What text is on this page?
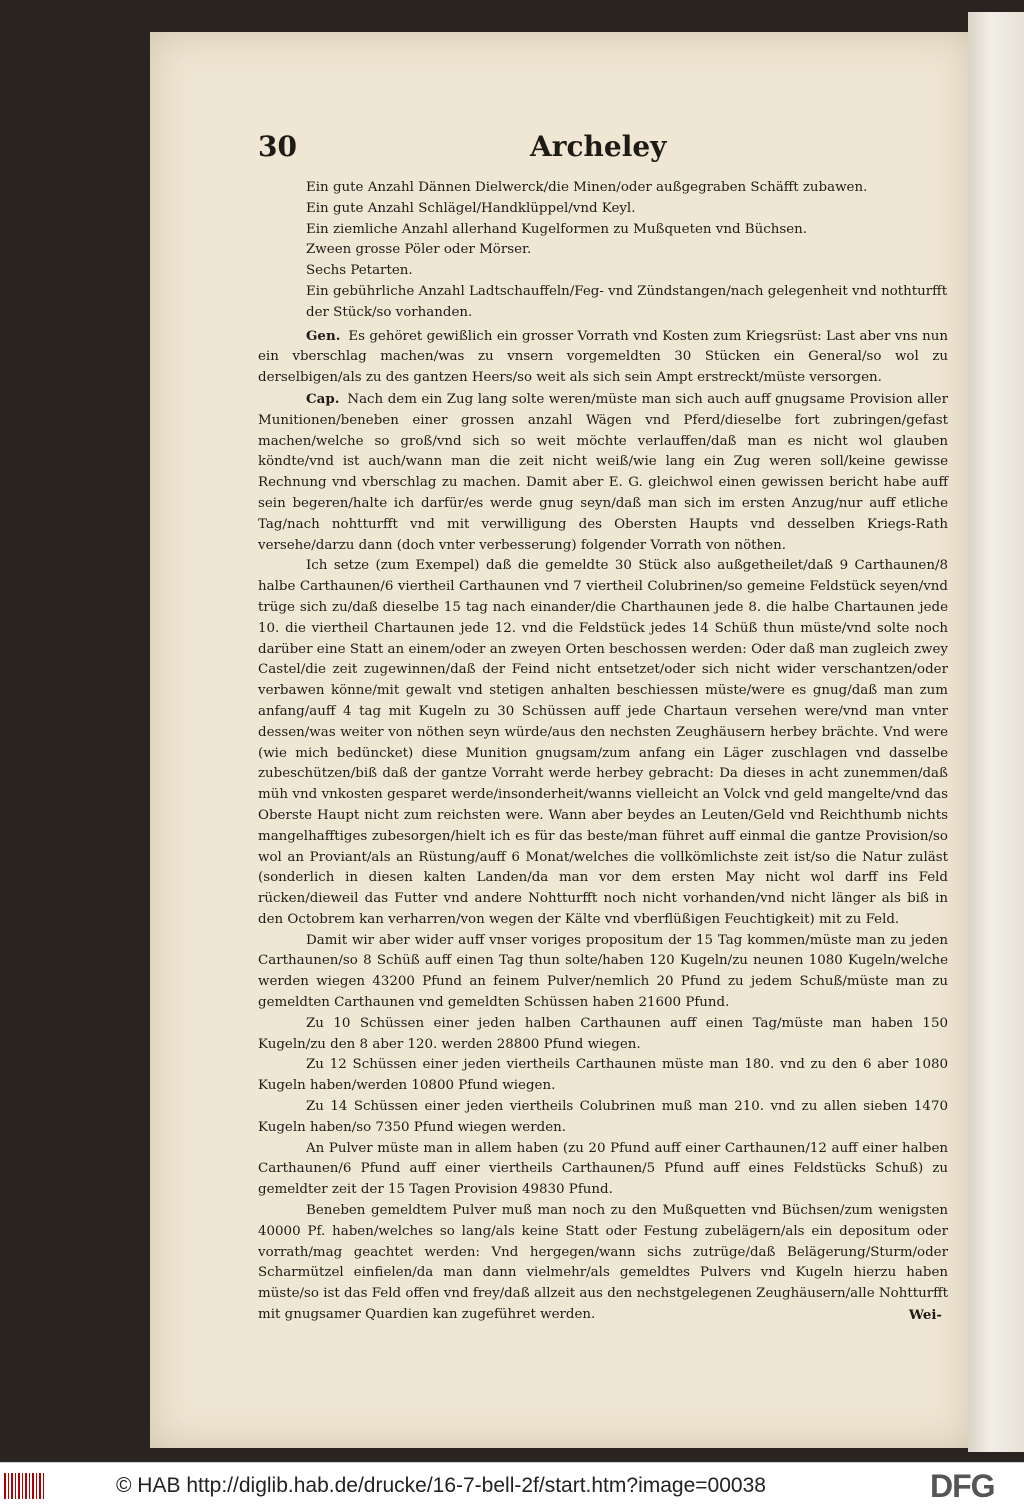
30	Archeley
Ein gute Anzahl Dännen Dielwerck/die Minen/oder außgegraben Schäfft zubawen.
Ein gute Anzahl Schlägel/Handklüppel/vnd Keyl.
Ein ziemliche Anzahl allerhand Kugelformen zu Mußqueten vnd Büchsen.
Zween grosse Pöler oder Mörser.
Sechs Petarten.
Ein gebührliche Anzahl Ladtschauffeln/Feg- vnd Zündstangen/nach gelegenheit vnd nothturfft der Stück/so vorhanden.

Gen. Es gehöret gewißlich ein grosser Vorrath vnd Kosten zum Kriegsrüst: Last aber vns nun ein vberschlag machen/was zu vnsern vorgemeldten 30 Stücken ein General/so wol zu derselbigen/als zu des gantzen Heers/so weit als sich sein Ampt erstreckt/müste versorgen.

Cap. Nach dem ein Zug lang solte weren/müste man sich auch auff gnugsame Provision aller Munitionen/beneben einer grossen anzahl Wägen vnd Pferd/dieselbe fort zubringen/gefast machen/welche so groß/vnd sich so weit möchte verlauffen/daß man es nicht wol glauben köndte/vnd ist auch/wann man die zeit nicht weiß/wie lang ein Zug weren soll/keine gewisse Rechnung vnd vberschlag zu machen. Damit aber E. G. gleichwol einen gewissen bericht habe auff sein begeren/halte ich darfür/es werde gnug seyn/daß man sich im ersten Anzug/nur auff etliche Tag/nach nohtturfft vnd mit verwilligung des Obersten Haupts vnd desselben Kriegs-Rath versehe/darzu dann (doch vnter verbesserung) folgender Vorrath von nöthen.

Ich setze (zum Exempel) daß die gemeldte 30 Stück also außgetheilet/daß 9 Carthaunen/8 halbe Carthaunen/6 viertheil Carthaunen vnd 7 viertheil Colubrinen/so gemeine Feldstück seyen/vnd trüge sich zu/daß dieselbe 15 tag nach einander/die Charthaunen jede 8. die halbe Chartaunen jede 10. die viertheil Chartaunen jede 12. vnd die Feldstück jedes 14 Schüß thun müste/vnd solte noch darüber eine Statt an einem/oder an zweyen Orten beschossen werden: Oder daß man zugleich zwey Castel/die zeit zugewinnen/daß der Feind nicht entsetzet/oder sich nicht wider verschantzen/oder verbawen könne/mit gewalt vnd stetigen anhalten beschiessen müste/were es gnug/daß man zum anfang/auff 4 tag mit Kugeln zu 30 Schüssen auff jede Chartaun versehen were/vnd man vnter dessen/was weiter von nöthen seyn würde/aus den nechsten Zeughäusern herbey brächte. Vnd were (wie mich bedüncket) diese Munition gnugsam/zum anfang ein Läger zuschlagen vnd dasselbe zubeschützen/biß daß der gantze Vorraht werde herbey gebracht: Da dieses in acht zunemmen/daß müh vnd vnkosten gesparet werde/insonderheit/wanns vielleicht an Volck vnd geld mangelte/vnd das Oberste Haupt nicht zum reichsten were. Wann aber beydes an Leuten/Geld vnd Reichthumb nichts mangelhafftiges zubesorgen/hielt ich es für das beste/man führet auff einmal die gantze Provision/so wol an Proviant/als an Rüstung/auff 6 Monat/welches die vollkömlichste zeit ist/so die Natur zuläst (sonderlich in diesen kalten Landen/da man vor dem ersten May nicht wol darff ins Feld rücken/dieweil das Futter vnd andere Nohtturfft noch nicht vorhanden/vnd nicht länger als biß in den Octobrem kan verharren/von wegen der Kälte vnd vberflüßigen Feuchtigkeit) mit zu Feld.

Damit wir aber wider auff vnser voriges propositum der 15 Tag kommen/müste man zu jeden Carthaunen/so 8 Schüß auff einen Tag thun solte/haben 120 Kugeln/zu neunen 1080 Kugeln/welche werden wiegen 43200 Pfund an feinem Pulver/nemlich 20 Pfund zu jedem Schuß/müste man zu gemeldten Carthaunen vnd gemeldten Schüssen haben 21600 Pfund.

Zu 10 Schüssen einer jeden halben Carthaunen auff einen Tag/müste man haben 150 Kugeln/zu den 8 aber 120. werden 28800 Pfund wiegen.

Zu 12 Schüssen einer jeden viertheils Carthaunen müste man 180. vnd zu den 6 aber 1080 Kugeln haben/werden 10800 Pfund wiegen.

Zu 14 Schüssen einer jeden viertheils Colubrinen muß man 210. vnd zu allen sieben 1470 Kugeln haben/so 7350 Pfund wiegen werden.

An Pulver müste man in allem haben (zu 20 Pfund auff einer Carthaunen/12 auff einer halben Carthaunen/6 Pfund auff einer viertheils Carthaunen/5 Pfund auff eines Feldstücks Schuß) zu gemeldter zeit der 15 Tagen Provision 49830 Pfund.

Beneben gemeldtem Pulver muß man noch zu den Mußquetten vnd Büchsen/zum wenigsten 40000 Pf. haben/welches so lang/als keine Statt oder Festung zubelägern/als ein depositum oder vorrath/mag geachtet werden: Vnd hergegen/wann sichs zutrüge/daß Belägerung/Sturm/oder Scharmützel einfielen/da man dann vielmehr/als gemeldtes Pulvers vnd Kugeln hierzu haben müste/so ist das Feld offen vnd frey/daß allzeit aus den nechstgelegenen Zeughäusern/alle Nohtturfft mit gnugsamer Quardien kan zugeführet werden.	Wei-
© HAB http://diglib.hab.de/drucke/16-7-bell-2f/start.htm?image=00038	DFG
